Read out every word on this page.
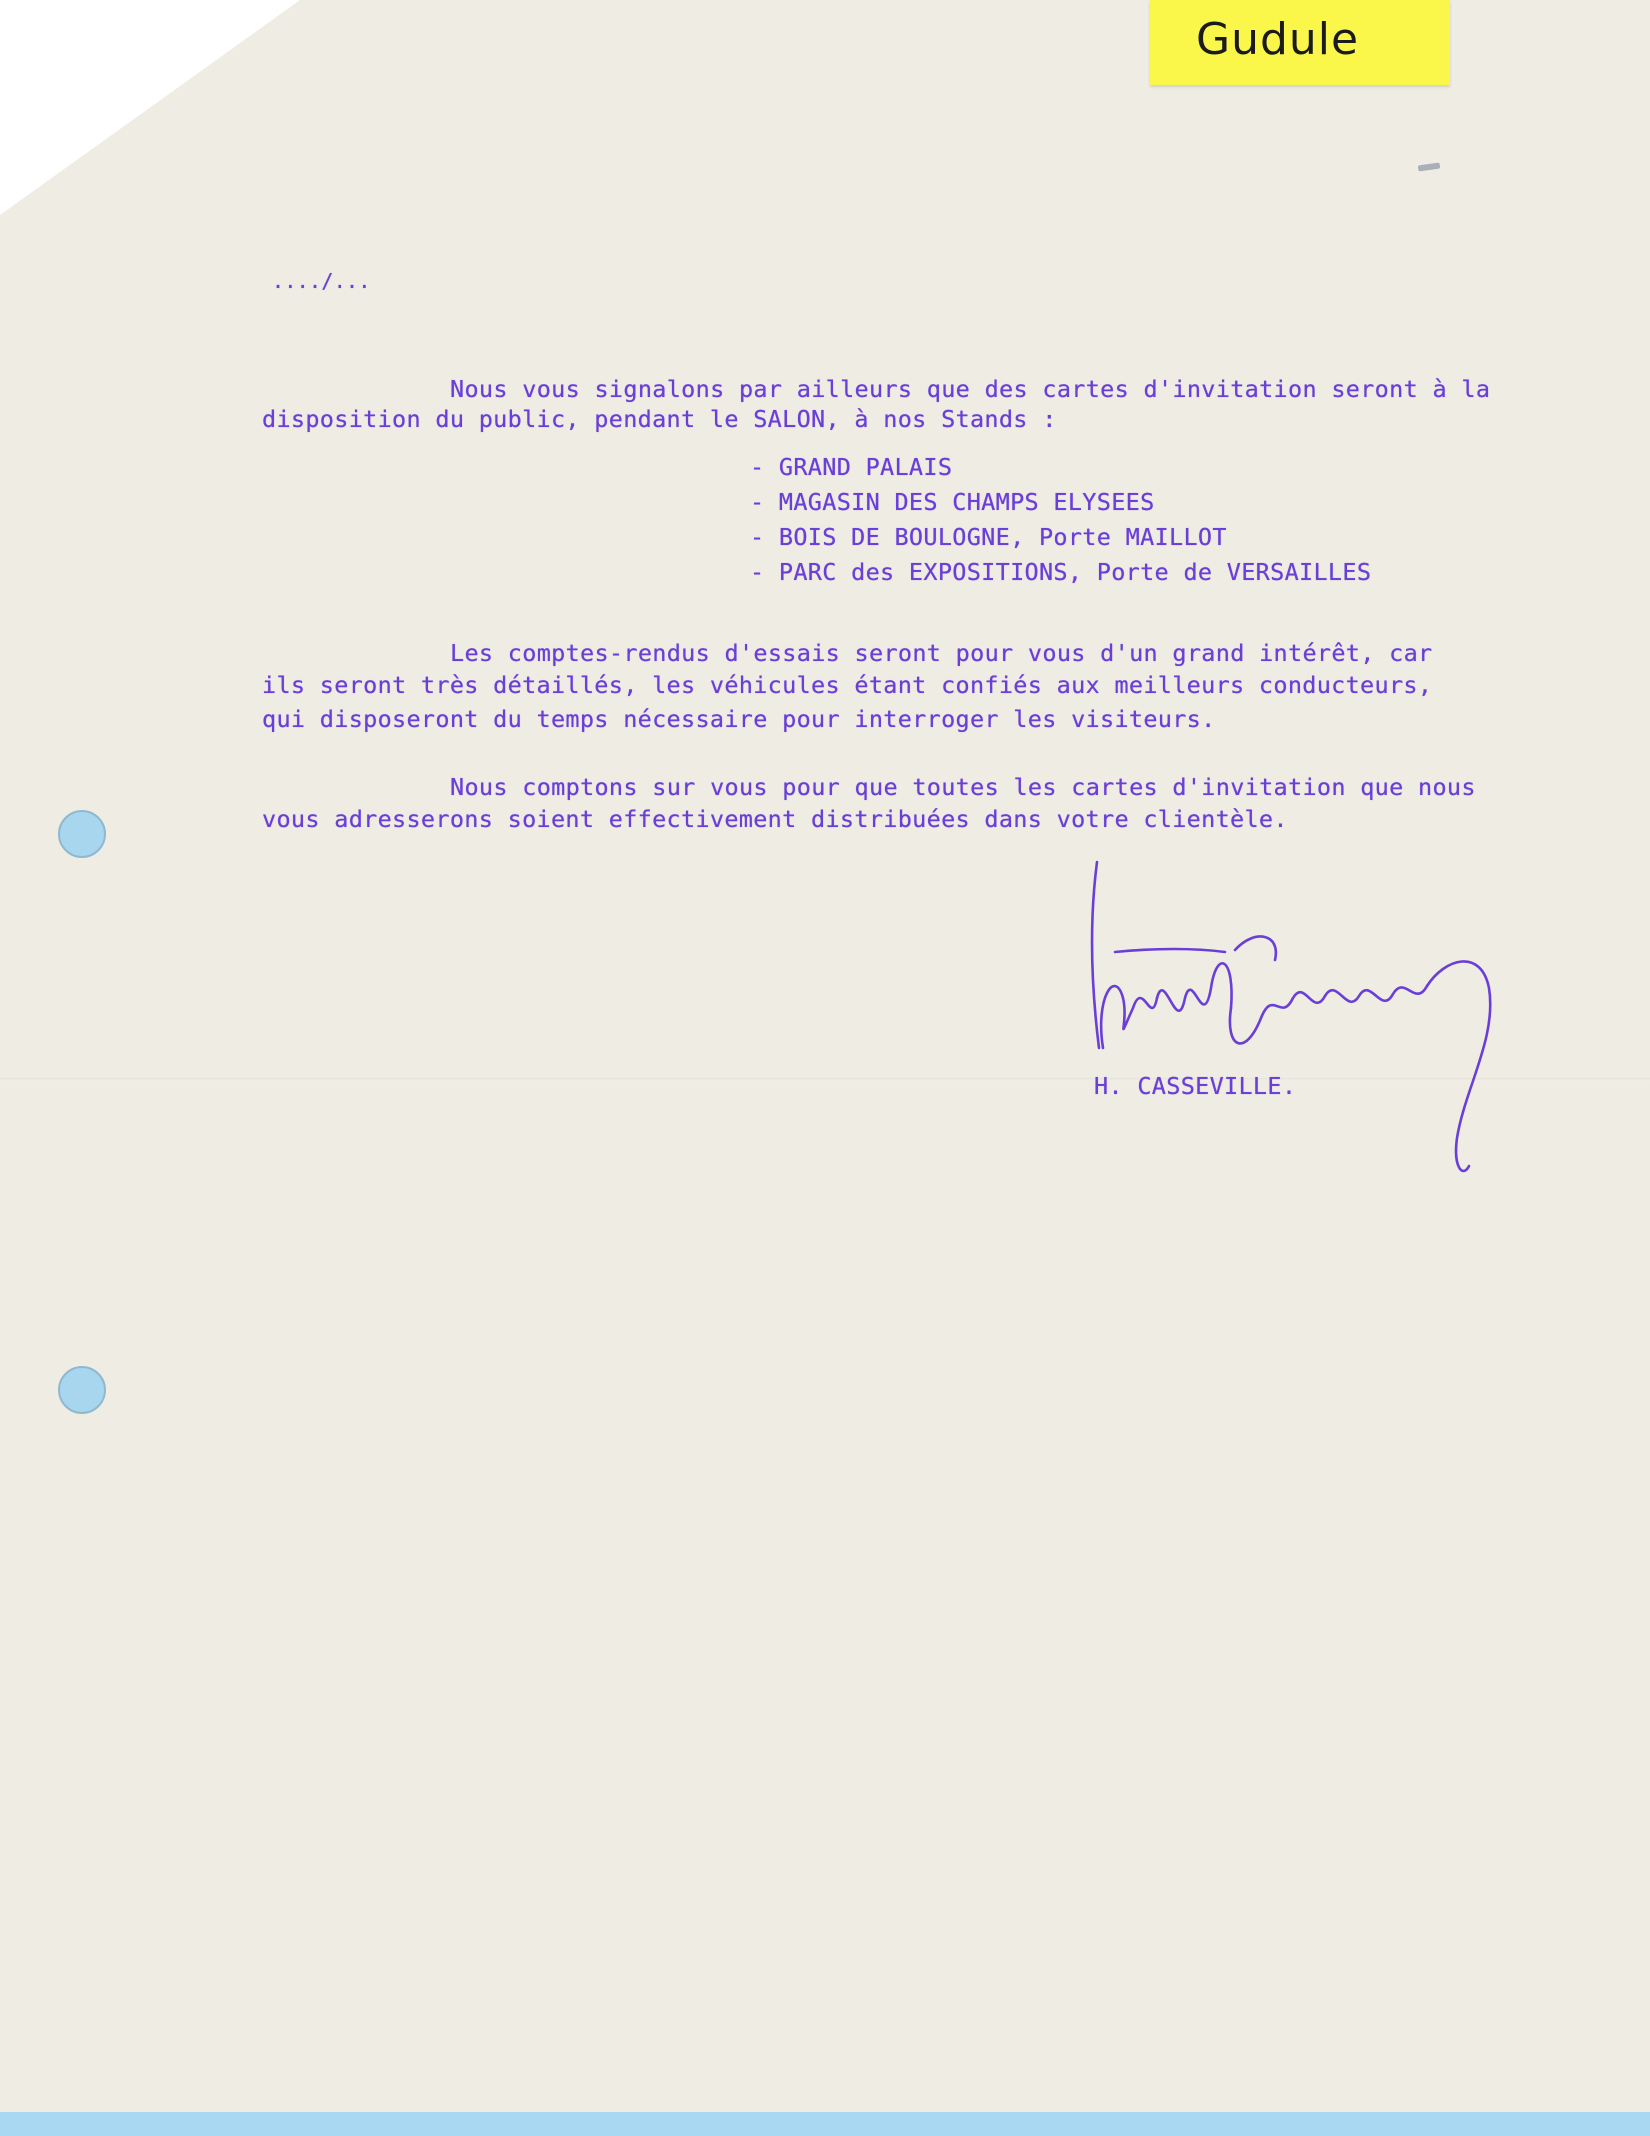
Gudule
..../...
Nous vous signalons par ailleurs que des cartes d'invitation seront à la
disposition du public, pendant le SALON, à nos Stands :
- GRAND PALAIS
- MAGASIN DES CHAMPS ELYSEES
- BOIS DE BOULOGNE, Porte MAILLOT
- PARC des EXPOSITIONS, Porte de VERSAILLES
Les comptes-rendus d'essais seront pour vous d'un grand intérêt, car
ils seront très détaillés, les véhicules étant confiés aux meilleurs conducteurs,
qui disposeront du temps nécessaire pour interroger les visiteurs.
Nous comptons sur vous pour que toutes les cartes d'invitation que nous
vous adresserons soient effectivement distribuées dans votre clientèle.
H. CASSEVILLE.
